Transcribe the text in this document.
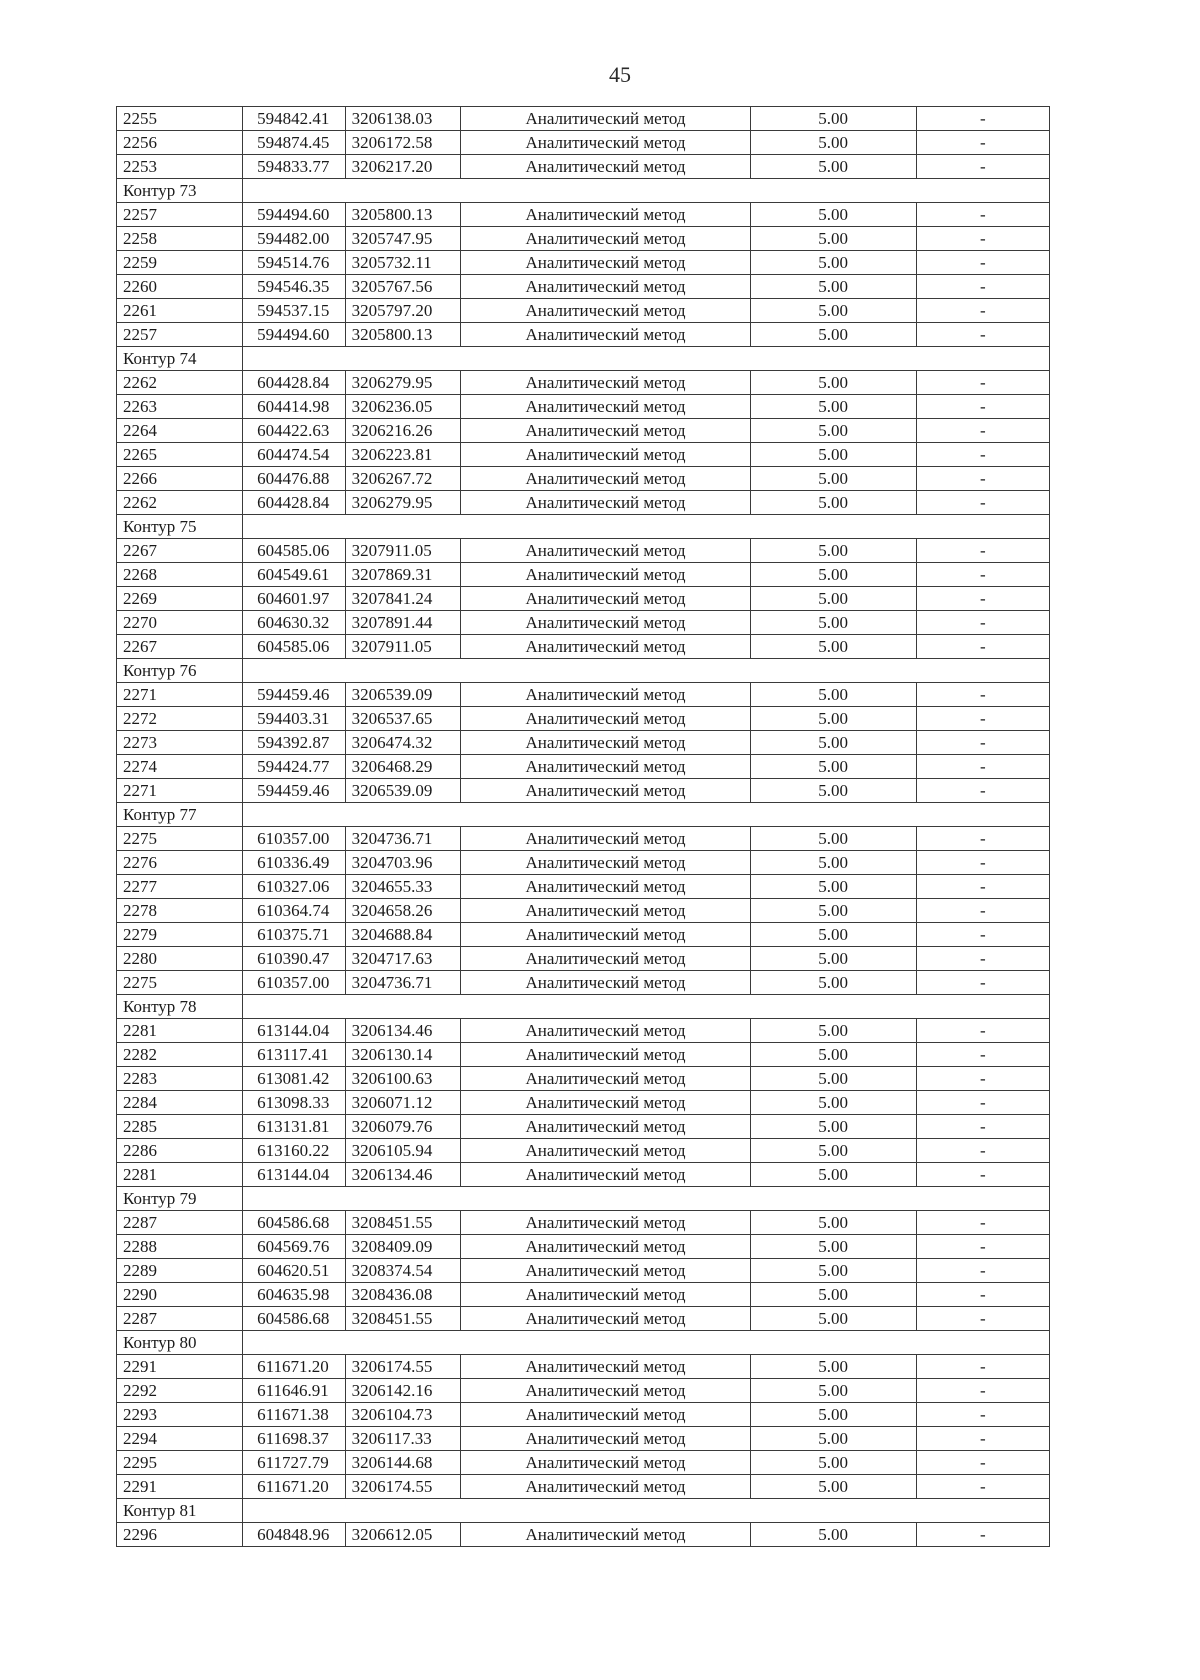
45
2255	594842.41	3206138.03	Аналитический метод	5.00	-
2256	594874.45	3206172.58	Аналитический метод	5.00	-
2253	594833.77	3206217.20	Аналитический метод	5.00	-
Контур 73					
2257	594494.60	3205800.13	Аналитический метод	5.00	-
2258	594482.00	3205747.95	Аналитический метод	5.00	-
2259	594514.76	3205732.11	Аналитический метод	5.00	-
2260	594546.35	3205767.56	Аналитический метод	5.00	-
2261	594537.15	3205797.20	Аналитический метод	5.00	-
2257	594494.60	3205800.13	Аналитический метод	5.00	-
Контур 74					
2262	604428.84	3206279.95	Аналитический метод	5.00	-
2263	604414.98	3206236.05	Аналитический метод	5.00	-
2264	604422.63	3206216.26	Аналитический метод	5.00	-
2265	604474.54	3206223.81	Аналитический метод	5.00	-
2266	604476.88	3206267.72	Аналитический метод	5.00	-
2262	604428.84	3206279.95	Аналитический метод	5.00	-
Контур 75					
2267	604585.06	3207911.05	Аналитический метод	5.00	-
2268	604549.61	3207869.31	Аналитический метод	5.00	-
2269	604601.97	3207841.24	Аналитический метод	5.00	-
2270	604630.32	3207891.44	Аналитический метод	5.00	-
2267	604585.06	3207911.05	Аналитический метод	5.00	-
Контур 76					
2271	594459.46	3206539.09	Аналитический метод	5.00	-
2272	594403.31	3206537.65	Аналитический метод	5.00	-
2273	594392.87	3206474.32	Аналитический метод	5.00	-
2274	594424.77	3206468.29	Аналитический метод	5.00	-
2271	594459.46	3206539.09	Аналитический метод	5.00	-
Контур 77					
2275	610357.00	3204736.71	Аналитический метод	5.00	-
2276	610336.49	3204703.96	Аналитический метод	5.00	-
2277	610327.06	3204655.33	Аналитический метод	5.00	-
2278	610364.74	3204658.26	Аналитический метод	5.00	-
2279	610375.71	3204688.84	Аналитический метод	5.00	-
2280	610390.47	3204717.63	Аналитический метод	5.00	-
2275	610357.00	3204736.71	Аналитический метод	5.00	-
Контур 78					
2281	613144.04	3206134.46	Аналитический метод	5.00	-
2282	613117.41	3206130.14	Аналитический метод	5.00	-
2283	613081.42	3206100.63	Аналитический метод	5.00	-
2284	613098.33	3206071.12	Аналитический метод	5.00	-
2285	613131.81	3206079.76	Аналитический метод	5.00	-
2286	613160.22	3206105.94	Аналитический метод	5.00	-
2281	613144.04	3206134.46	Аналитический метод	5.00	-
Контур 79					
2287	604586.68	3208451.55	Аналитический метод	5.00	-
2288	604569.76	3208409.09	Аналитический метод	5.00	-
2289	604620.51	3208374.54	Аналитический метод	5.00	-
2290	604635.98	3208436.08	Аналитический метод	5.00	-
2287	604586.68	3208451.55	Аналитический метод	5.00	-
Контур 80					
2291	611671.20	3206174.55	Аналитический метод	5.00	-
2292	611646.91	3206142.16	Аналитический метод	5.00	-
2293	611671.38	3206104.73	Аналитический метод	5.00	-
2294	611698.37	3206117.33	Аналитический метод	5.00	-
2295	611727.79	3206144.68	Аналитический метод	5.00	-
2291	611671.20	3206174.55	Аналитический метод	5.00	-
Контур 81					
2296	604848.96	3206612.05	Аналитический метод	5.00	-
